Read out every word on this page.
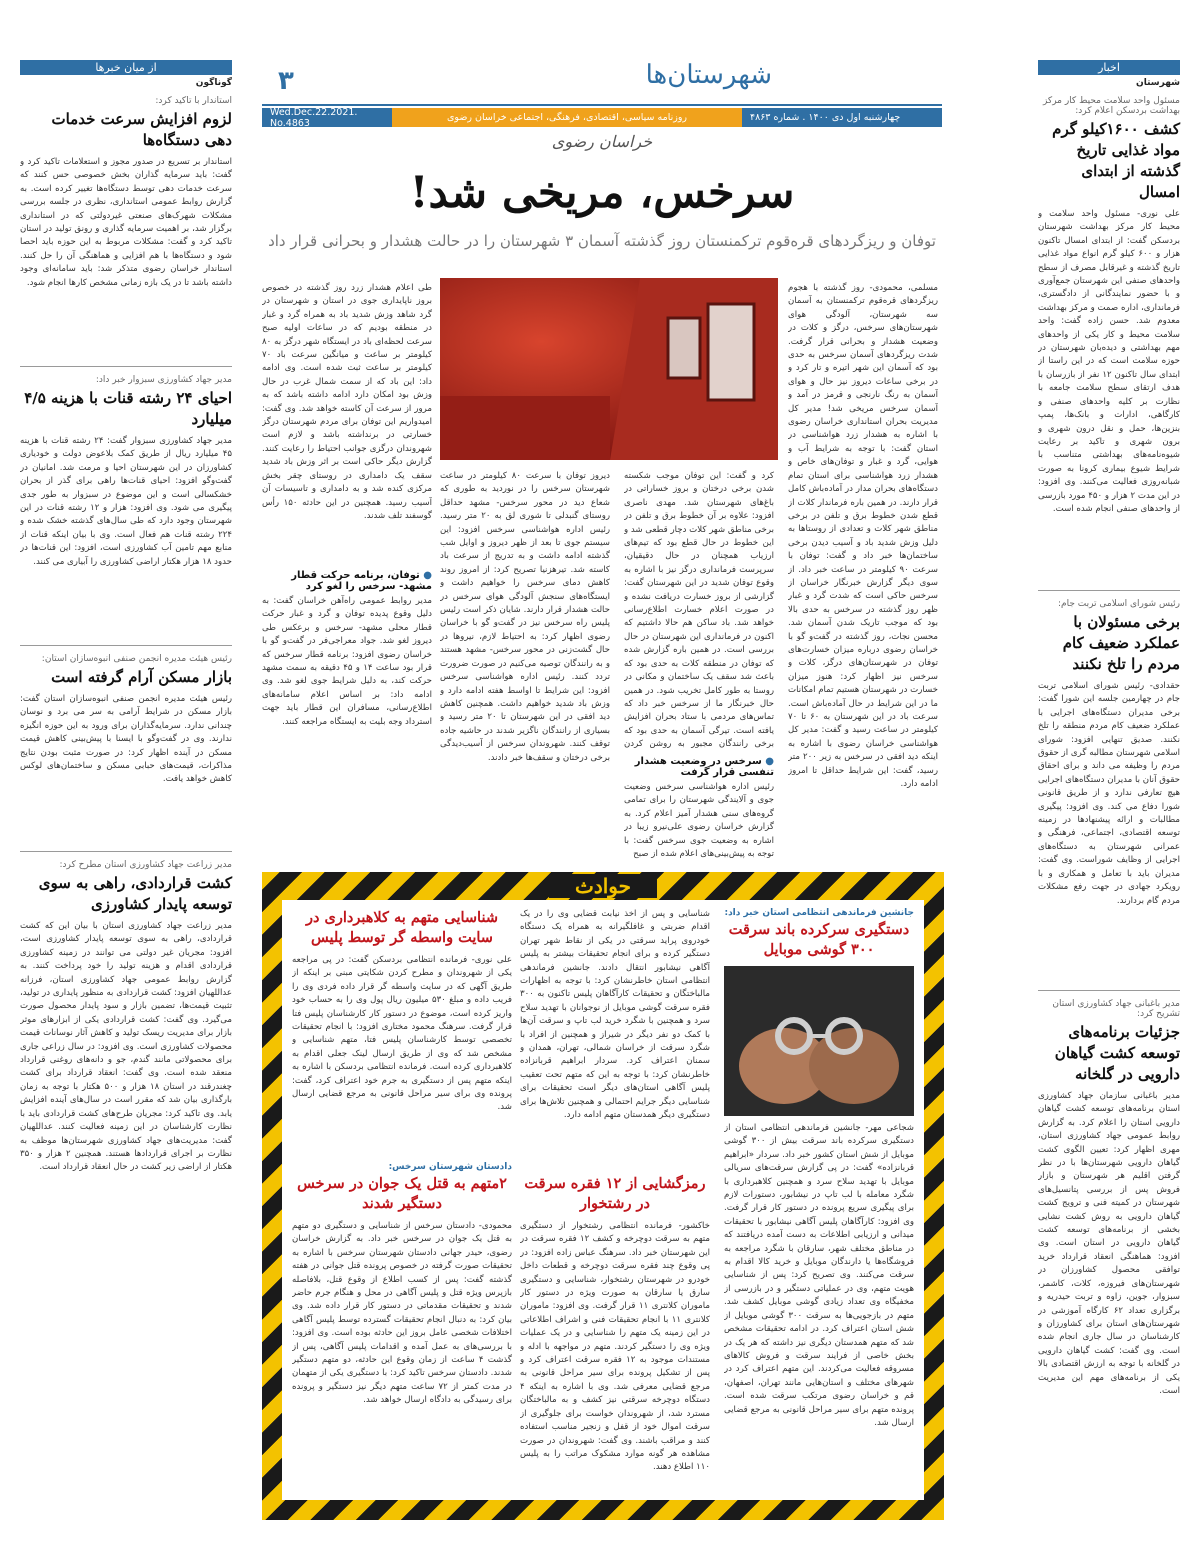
اخبار
شهرستان
مسئول واحد سلامت محیط کار مرکز بهداشت بردسکن اعلام کرد:
کشف ۱۶۰۰کیلو گرم مواد غذایی تاریخ گذشته از ابتدای امسال
علی نوری- مسئول واحد سلامت و محیط کار مرکز بهداشت شهرستان بردسکن گفت: از ابتدای امسال تاکنون هزار و ۶۰۰ کیلو گرم انواع مواد غذایی تاریخ گذشته و غیرقابل مصرف از سطح واحدهای صنفی این شهرستان جمع‌آوری و با حضور نمایندگانی از دادگستری، فرمانداری، اداره صمت و مرکز بهداشت معدوم شد. حسن زاده گفت: واحد سلامت محیط و کار یکی از واحدهای مهم بهداشتی و دیده‌بان شهرستان در حوزه سلامت است که در این راستا از ابتدای سال تاکنون ۱۲ نفر از بازرسان با هدف ارتقای سطح سلامت جامعه با نظارت بر کلیه واحدهای صنفی و کارگاهی، ادارات و بانک‌ها، پمپ بنزین‌ها، حمل و نقل درون شهری و برون شهری و تاکید بر رعایت شیوه‌نامه‌های بهداشتی متناسب با شرایط شیوع بیماری کرونا به صورت شبانه‌روزی فعالیت می‌کنند. وی افزود: در این مدت ۲ هزار و ۴۵۰ مورد بازرسی از واحدهای صنفی انجام شده است.
رئیس شورای اسلامی تربت جام:
برخی مسئولان با عملکرد ضعیف کام مردم را تلخ نکنند
حقدادی- رئیس شورای اسلامی تربت جام در چهارمین جلسه این شورا گفت: برخی مدیران دستگاه‌های اجرایی با عملکرد ضعیف کام مردم منطقه را تلخ نکنند. صدیق تنهایی افزود: شورای اسلامی شهرستان مطالبه گری از حقوق مردم را وظیفه می داند و برای احقاق حقوق آنان با مدیران دستگاه‌های اجرایی هیچ تعارفی ندارد و از طریق قانونی شورا دفاع می کند. وی افزود: پیگیری مطالبات و ارائه پیشنهادها در زمینه توسعه اقتصادی، اجتماعی، فرهنگی و عمرانی شهرستان به دستگاه‌های اجرایی از وظایف شوراست. وی گفت: مدیران باید با تعامل و همکاری و با رویکرد جهادی در جهت رفع مشکلات مردم گام بردارند.
مدیر باغبانی جهاد کشاورزی استان تشریح کرد:
جزئیات برنامه‌های توسعه کشت گیاهان دارویی در گلخانه
مدیر باغبانی سازمان جهاد کشاورزی استان برنامه‌های توسعه کشت گیاهان دارویی استان را اعلام کرد. به گزارش روابط عمومی جهاد کشاورزی استان، مهری اظهار کرد: تعیین الگوی کشت گیاهان دارویی شهرستان‌ها با در نظر گرفتن اقلیم هر شهرستان و بازار فروش پس از بررسی پتانسیل‌های شهرستان در کمیته فنی و ترویج کشت گیاهان دارویی به روش کشت نشایی بخشی از برنامه‌های توسعه کشت گیاهان دارویی در استان است. وی افزود: هماهنگی انعقاد قرارداد خرید توافقی محصول کشاورزان در شهرستان‌های فیروزه، کلات، کاشمر، سبزوار، جوین، زاوه و تربت حیدریه و برگزاری تعداد ۶۲ کارگاه آموزشی در شهرستان‌های استان برای کشاورزان و کارشناسان در سال جاری انجام شده است. وی گفت: کشت گیاهان دارویی در گلخانه با توجه به ارزش اقتصادی بالا یکی از برنامه‌های مهم این مدیریت است.
از میان خبرها
گوناگون
استاندار با تاکید کرد:
لزوم افزایش سرعت خدمات دهی دستگاه‌ها
استاندار بر تسریع در صدور مجوز و استعلامات تاکید کرد و گفت: باید سرمایه گذاران بخش خصوصی حس کنند که سرعت خدمات دهی توسط دستگاه‌ها تغییر کرده است. به گزارش روابط عمومی استانداری، نظری در جلسه بررسی مشکلات شهرک‌های صنعتی غیردولتی که در استانداری برگزار شد، بر اهمیت سرمایه گذاری و رونق تولید در استان تاکید کرد و گفت: مشکلات مربوط به این حوزه باید احصا شود و دستگاه‌ها با هم افزایی و هماهنگی آن را حل کنند. استاندار خراسان رضوی متذکر شد: باید سامانه‌ای وجود داشته باشد تا در یک بازه زمانی مشخص کارها انجام شود.
مدیر جهاد کشاورزی سبزوار خبر داد:
احیای ۲۴ رشته قنات با هزینه ۴/۵ میلیارد
مدیر جهاد کشاورزی سبزوار گفت: ۲۴ رشته قنات با هزینه ۴۵ میلیارد ریال از طریق کمک بلاعوض دولت و خودیاری کشاورزان در این شهرستان احیا و مرمت شد. امانیان در گفت‌وگو افزود: احیای قنات‌ها راهی برای گذر از بحران خشکسالی است و این موضوع در سبزوار به طور جدی پیگیری می شود. وی افزود: هزار و ۱۲ رشته قنات در این شهرستان وجود دارد که طی سال‌های گذشته خشک شده و ۲۲۴ رشته قنات هم فعال است. وی با بیان اینکه قنات از منابع مهم تامین آب کشاورزی است، افزود: این قنات‌ها در حدود ۱۸ هزار هکتار اراضی کشاورزی را آبیاری می کنند.
رئیس هیئت مدیره انجمن صنفی انبوه‌سازان استان:
بازار مسکن آرام گرفته است
رئیس هیئت مدیره انجمن صنفی انبوه‌سازان استان گفت: بازار مسکن در شرایط آرامی به سر می برد و نوسان چندانی ندارد. سرمایه‌گذاران برای ورود به این حوزه انگیزه ندارند. وی در گفت‌وگو با ایسنا با پیش‌بینی کاهش قیمت مسکن در آینده اظهار کرد: در صورت مثبت بودن نتایج مذاکرات، قیمت‌های حبابی مسکن و ساختمان‌های لوکس کاهش خواهد یافت.
مدیر زراعت جهاد کشاورزی استان مطرح کرد:
کشت قراردادی، راهی به سوی توسعه پایدار کشاورزی
مدیر زراعت جهاد کشاورزی استان با بیان این که کشت قراردادی، راهی به سوی توسعه پایدار کشاورزی است، افزود: مجریان غیر دولتی می توانند در زمینه کشاورزی قراردادی اقدام و هزینه تولید را خود پرداخت کنند. به گزارش روابط عمومی جهاد کشاورزی استان، فرزانه عداللهیان افزود: کشت قراردادی به منظور پایداری در تولید، تثبیت قیمت‌ها، تضمین بازار و سود پایدار محصول صورت می‌گیرد. وی گفت: کشت قراردادی یکی از ابزارهای موثر بازار برای مدیریت ریسک تولید و کاهش آثار نوسانات قیمت محصولات کشاورزی است. وی افزود: در سال زراعی جاری برای محصولاتی مانند گندم، جو و دانه‌های روغنی قرارداد منعقد شده است. وی گفت: انعقاد قرارداد برای کشت چغندرقند در استان ۱۸ هزار و ۵۰۰ هکتار با توجه به زمان بارگذاری بیان شد که مقرر است در سال‌های آینده افزایش یابد. وی تاکید کرد: مجریان طرح‌های کشت قراردادی باید با نظارت کارشناسان در این زمینه فعالیت کنند. عداللهیان گفت: مدیریت‌های جهاد کشاورزی شهرستان‌ها موظف به نظارت بر اجرای قراردادها هستند. همچنین ۲ هزار و ۳۵۰ هکتار از اراضی زیر کشت در حال انعقاد قرارداد است.
شهرستان‌ها
۳
چهارشنبه اول دی ۱۴۰۰ . شماره ۴۸۶۳
روزنامه سیاسی، اقتصادی، فرهنگی، اجتماعی خراسان رضوی
Wed.Dec.22.2021. No.4863
خراسان رضوی
سرخس، مریخی شد!
توفان و ریزگردهای قره‌قوم ترکمنستان روز گذشته آسمان ۳ شهرستان را در حالت هشدار و بحرانی قرار داد
مسلمی، محمودی- روز گذشته با هجوم ریزگردهای قره‌قوم ترکمنستان به آسمان سه شهرستان، آلودگی هوای شهرستان‌های سرخس، درگز و کلات در وضعیت هشدار و بحرانی قرار گرفت. شدت ریزگردهای آسمان سرخس به حدی بود که آسمان این شهر اتیره و تار کرد و در برخی ساعات دیروز نیز حال و هوای آسمان به رنگ نارنجی و قرمز در آمد و آسمان سرخس مریخی شد! مدیر کل مدیریت بحران استانداری خراسان رضوی با اشاره به هشدار زرد هواشناسی در استان گفت: با توجه به شرایط آب و هوایی، گرد و غبار و توفان‌های خاص و هشدار زرد هواشناسی برای استان تمام دستگاه‌های بحران مدار در آماده‌باش کامل قرار دارند. در همین باره فرماندار کلات از قطع شدن خطوط برق و تلفن در برخی مناطق شهر کلات و تعدادی از روستاها به دلیل وزش شدید باد و آسیب دیدن برخی ساختمان‌ها خبر داد و گفت: توفان با سرعت ۹۰ کیلومتر در ساعت خبر داد. از سوی دیگر گزارش خبرنگار خراسان از سرخس حاکی است که شدت گرد و غبار ظهر روز گذشته در سرخس به حدی بالا بود که موجب تاریک شدن آسمان شد. محسن نجات، روز گذشته در گفت‌و گو با خراسان رضوی درباره میزان خسارت‌های توفان در شهرستان‌های درگز، کلات و سرخس نیز اظهار کرد: هنوز میزان خسارت در شهرستان هستیم تمام امکانات ما در این شرایط در حال آماده‌باش است. سرعت باد در این شهرستان به ۶۰ تا ۷۰ کیلومتر در ساعت رسید و گفت: مدیر کل هواشناسی خراسان رضوی با اشاره به اینکه دید افقی در سرخس به زیر ۲۰۰ متر رسید، گفت: این شرایط حداقل تا امروز ادامه دارد.
کرد و گفت: این توفان موجب شکسته شدن برخی درختان و بروز خساراتی در باغ‌های شهرستان شد. مهدی ناصری افزود: علاوه بر آن خطوط برق و تلفن در برخی مناطق شهر کلات دچار قطعی شد و این خطوط در حال قطع بود که تیم‌های ارزیاب همچنان در حال دقیقیان، سرپرست فرمانداری درگز نیز با اشاره به وقوع توفان شدید در این شهرستان گفت: گزارشی از بروز خسارت دریافت نشده و در صورت اعلام خسارت اطلاع‌رسانی خواهد شد. باد ساکن هم حالا داشتیم که اکنون در فرمانداری این شهرستان در حال بررسی است. در همین باره گزارش شده که توفان در منطقه کلات به حدی بود که باعث شد سقف یک ساختمان و مکانی در روستا به طور کامل تخریب شود. در همین حال خبرنگار ما از سرخس خبر داد که تماس‌های مردمی با ستاد بحران افزایش یافته است. تیرگی آسمان به حدی بود که برخی رانندگان مجبور به روشن کردن
● سرخس در وضعیت هشدار تنفسی قرار گرفت
رئیس اداره هواشناسی سرخس وضعیت جوی و آلایندگی شهرستان را برای تمامی گروه‌های سنی هشدار آمیز اعلام کرد. به گزارش خراسان رضوی علی‌نیرو زیبا در اشاره به وضعیت جوی سرخس گفت: با توجه به پیش‌بینی‌های اعلام شده از صبح
دیروز توفان با سرعت ۸۰ کیلومتر در ساعت شهرستان سرخس را در نوردید به طوری که شعاع دید در محور سرخس- مشهد حداقل روستای گنبدلی تا شوری لق به ۲۰ متر رسید. رئیس اداره هواشناسی سرخس افزود: این سیستم جوی تا بعد از ظهر دیروز و اوایل شب گذشته ادامه داشت و به تدریج از سرعت باد کاسته شد. تیرهزنیا تصریح کرد: از امروز روند کاهش دمای سرخس را خواهیم داشت و ایستگاه‌های سنجش آلودگی هوای سرخس در حالت هشدار قرار دارند. شایان ذکر است رئیس پلیس راه سرخس نیز در گفت‌و گو با خراسان رضوی اظهار کرد: به احتیاط لازم، نیروها در حال گشت‌زنی در محور سرخس- مشهد هستند و به رانندگان توصیه می‌کنیم در صورت ضرورت تردد کنند. رئیس اداره هواشناسی سرخس افزود: این شرایط تا اواسط هفته ادامه دارد و وزش باد شدید خواهیم داشت. همچنین کاهش دید افقی در این شهرستان تا ۲۰ متر رسید و بسیاری از رانندگان ناگزیر شدند در حاشیه جاده توقف کنند. شهروندان سرخس از آسیب‌دیدگی برخی درختان و سقف‌ها خبر دادند.
طی اعلام هشدار زرد روز گذشته در خصوص بروز ناپایداری جوی در استان و شهرستان در گرد شاهد وزش شدید باد به همراه گرد و غبار در منطقه بودیم که در ساعات اولیه صبح سرعت لحظه‌ای باد در ایستگاه شهر درگز به ۸۰ کیلومتر بر ساعت و میانگین سرعت باد ۷۰ کیلومتر بر ساعت ثبت شده است. وی ادامه داد: این باد که از سمت شمال غرب در حال وزش بود امکان دارد ادامه داشته باشد که به مرور از سرعت آن کاسته خواهد شد. وی گفت: امیدواریم این توفان برای مردم شهرستان درگز خسارتی در برنداشته باشد و لازم است شهروندان درگزی جوانب احتیاط را رعایت کنند. گزارش دیگر حاکی است بر اثر وزش باد شدید سقف یک دامداری در روستای چقر بخش مرکزی کنده شد و به دامداری و تاسیسات آن آسیب رسید. همچنین در این حادثه ۱۵۰ رأس گوسفند تلف شدند.
● توفان، برنامه حرکت قطار مشهد- سرخس را لغو کرد
مدیر روابط عمومی راه‌آهن خراسان گفت: به دلیل وقوع پدیده توفان و گرد و غبار حرکت قطار محلی مشهد- سرخس و برعکس طی دیروز لغو شد. جواد معراجی‌فر در گفت‌و گو با خراسان رضوی افزود: برنامه قطار سرخس که قرار بود ساعت ۱۴ و ۴۵ دقیقه به سمت مشهد حرکت کند، به دلیل شرایط جوی لغو شد. وی ادامه داد: بر اساس اعلام سامانه‌های اطلاع‌رسانی، مسافران این قطار باید جهت استرداد وجه بلیت به ایستگاه مراجعه کنند.
حوادث
جانشین فرماندهی انتظامی استان خبر داد:
دستگیری سرکرده باند سرقت ۳۰۰ گوشی موبایل
شجاعی مهر- جانشین فرماندهی انتظامی استان از دستگیری سرکرده باند سرقت بیش از ۳۰۰ گوشی موبایل از شش استان کشور خبر داد. سردار «ابراهیم قربانزاده» گفت: در پی گزارش سرقت‌های سریالی موبایل با تهدید سلاح سرد و همچنین کلاهبرداری با شگرد معامله با لب تاپ در نیشابور، دستورات لازم برای پیگیری سریع پرونده در دستور کار قرار گرفت. وی افزود: کارآگاهان پلیس آگاهی نیشابور با تحقیقات میدانی و ارزیابی اطلاعات به دست آمده دریافتند که در مناطق مختلف شهر، سارقان با شگرد مراجعه به فروشگاه‌ها یا دارندگان موبایل و خرید کالا اقدام به سرقت می‌کنند. وی تصریح کرد: پس از شناسایی هویت متهم، وی در عملیاتی دستگیر و در بازرسی از مخفیگاه وی تعداد زیادی گوشی موبایل کشف شد. متهم در بازجویی‌ها به سرقت ۳۰۰ گوشی موبایل از شش استان اعتراف کرد. در ادامه تحقیقات مشخص شد که متهم همدستان دیگری نیز داشته که هر یک در بخش خاصی از فرایند سرقت و فروش کالاهای مسروقه فعالیت می‌کردند. این متهم اعتراف کرد در شهرهای مختلف و استان‌هایی مانند تهران، اصفهان، قم و خراسان رضوی مرتکب سرقت شده است. پرونده متهم برای سیر مراحل قانونی به مرجع قضایی ارسال شد.
شناسایی و پس از اخذ نیابت قضایی وی را در یک اقدام ضربتی و غافلگیرانه به همراه یک دستگاه خودروی پراید سرقتی در یکی از نقاط شهر تهران دستگیر کرده و برای انجام تحقیقات بیشتر به پلیس آگاهی نیشابور انتقال دادند. جانشین فرماندهی انتظامی استان خاطرنشان کرد: با توجه به اظهارات مالباختگان و تحقیقات کارآگاهان پلیس تاکنون به ۳۰۰ فقره سرقت گوشی موبایل از نوجوانان با تهدید سلاح سرد و همچنین با شگرد خرید لب تاپ و سرقت آن‌ها با کمک دو نفر دیگر در شیراز و همچنین از افراد با شگرد سرقت از خراسان شمالی، تهران، همدان و سمنان اعتراف کرد. سردار ابراهیم قربانزاده خاطرنشان کرد: با توجه به این که متهم تحت تعقیب پلیس آگاهی استان‌های دیگر است تحقیقات برای شناسایی دیگر جرایم احتمالی و همچنین تلاش‌ها برای دستگیری دیگر همدستان متهم ادامه دارد.
رمزگشایی از ۱۲ فقره سرقت در رشتخوار
خاکشور- فرمانده انتظامی رشتخوار از دستگیری متهم به سرقت دوچرخه و کشف ۱۲ فقره سرقت در این شهرستان خبر داد. سرهنگ عباس زاده افزود: در پی وقوع چند فقره سرقت دوچرخه و قطعات داخل خودرو در شهرستان رشتخوار، شناسایی و دستگیری سارق یا سارقان به صورت ویژه در دستور کار ماموران کلانتری ۱۱ قرار گرفت. وی افزود: ماموران کلانتری ۱۱ با انجام تحقیقات فنی و اشراف اطلاعاتی در این زمینه یک متهم را شناسایی و در یک عملیات ویژه وی را دستگیر کردند. متهم در مواجهه با ادله و مستندات موجود به ۱۲ فقره سرقت اعتراف کرد و پس از تشکیل پرونده برای سیر مراحل قانونی به مرجع قضایی معرفی شد. وی با اشاره به اینکه ۴ دستگاه دوچرخه سرقتی نیز کشف و به مالباختگان مسترد شد، از شهروندان خواست برای جلوگیری از سرقت اموال خود از قفل و زنجیر مناسب استفاده کنند و مراقب باشند. وی گفت: شهروندان در صورت مشاهده هر گونه موارد مشکوک مراتب را به پلیس ۱۱۰ اطلاع دهند.
شناسایی متهم به کلاهبرداری در سایت واسطه گر توسط پلیس
علی نوری- فرمانده انتظامی بردسکن گفت: در پی مراجعه یکی از شهروندان و مطرح کردن شکایتی مبنی بر اینکه از طریق آگهی که در سایت واسطه گر قرار داده فردی وی را فریب داده و مبلغ ۵۳۰ میلیون ریال پول وی را به حساب خود واریز کرده است، موضوع در دستور کار کارشناسان پلیس فتا قرار گرفت. سرهنگ محمود مختاری افزود: با انجام تحقیقات تخصصی توسط کارشناسان پلیس فتا، متهم شناسایی و مشخص شد که وی از طریق ارسال لینک جعلی اقدام به کلاهبرداری کرده است. فرمانده انتظامی بردسکن با اشاره به اینکه متهم پس از دستگیری به جرم خود اعتراف کرد، گفت: پرونده وی برای سیر مراحل قانونی به مرجع قضایی ارسال شد.
دادستان شهرستان سرخس:
۲متهم به قتل یک جوان در سرخس دستگیر شدند
محمودی- دادستان سرخس از شناسایی و دستگیری دو متهم به قتل یک جوان در سرخس خبر داد. به گزارش خراسان رضوی، حیدر جهانی دادستان شهرستان سرخس با اشاره به تحقیقات صورت گرفته در خصوص پرونده قتل جوانی در هفته گذشته گفت: پس از کسب اطلاع از وقوع قتل، بلافاصله بازپرس ویژه قتل و پلیس آگاهی در محل و هنگام جرم حاضر شدند و تحقیقات مقدماتی در دستور کار قرار داده شد. وی بیان کرد: به دنبال انجام تحقیقات گسترده توسط پلیس آگاهی اختلافات شخصی عامل بروز این حادثه بوده است. وی افزود: با بررسی‌های به عمل آمده و اقدامات پلیس آگاهی، پس از گذشت ۴ ساعت از زمان وقوع این حادثه، دو متهم دستگیر شدند. دادستان سرخس تاکید کرد: با دستگیری یکی از متهمان در مدت کمتر از ۷۲ ساعت متهم دیگر نیز دستگیر و پرونده برای رسیدگی به دادگاه ارسال خواهد شد.
